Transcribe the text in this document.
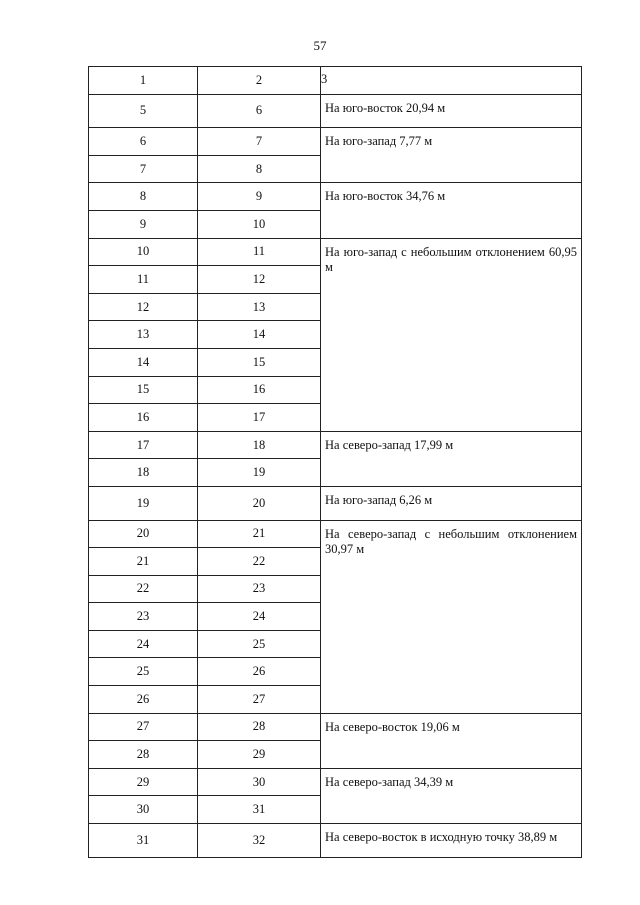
57
1	2	3
5	6	На юго-восток 20,94 м
6	7	На юго-запад 7,77 м
7	8	
8	9	На юго-восток 34,76 м
9	10	
10	11	На юго-запад с небольшим отклонением 60,95 м
11	12	
12	13	
13	14	
14	15	
15	16	
16	17	
17	18	На северо-запад 17,99 м
18	19	
19	20	На юго-запад 6,26 м
20	21	На северо-запад с небольшим отклонением 30,97 м
21	22	
22	23	
23	24	
24	25	
25	26	
26	27	
27	28	На северо-восток 19,06 м
28	29	
29	30	На северо-запад 34,39 м
30	31	
31	32	На северо-восток в исходную точку 38,89 м
